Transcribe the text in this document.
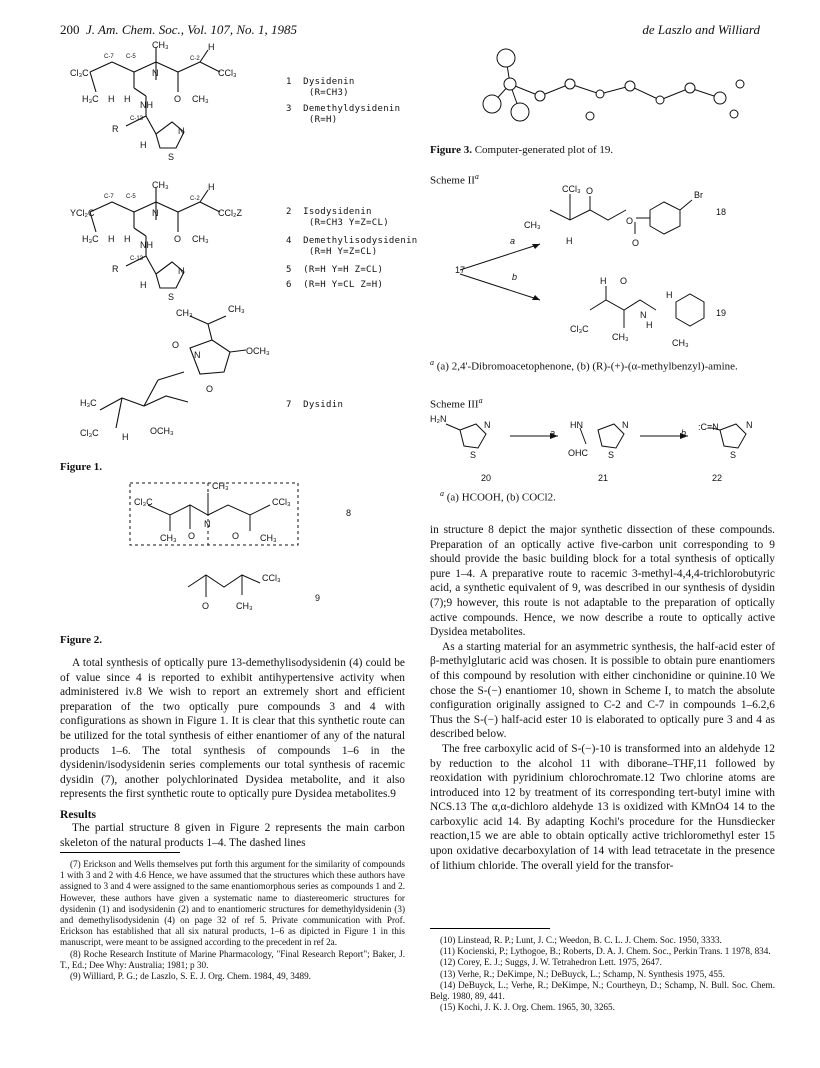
200 J. Am. Chem. Soc., Vol. 107, No. 1, 1985	de Laszlo and Williard
Cl₃C
C-7 C-5
CH₃
N
C-2
H
CCl₃
O CH₃
H₃C H H
NH
C-13
R
H
N
S
YCl₂C
C-7 C-5
CH₃
N
C-2
H
CCl₂Z
O CH₃
H₃C H H
NH
C-13
R
H
N
S
CH₃	CH₃
N	OCH₃
O
O
H₃C
Cl₃C	H
OCH₃
1 Dysidenin
(R=CH3)
3 Demethyldysidenin
(R=H)
2 Isodysidenin
(R=CH3 Y=Z=CL)
4 Demethylisodysidenin
(R=H Y=Z=CL)
5 (R=H Y=H Z=CL)
6 (R=H Y=CL Z=H)
7 Dysidin
Figure 1.
Cl₃C
CH₃
CCl₃
CH₃ O
N
O CH₃
CCl₃
O	CH₃
8
9
Figure 2.

A total synthesis of optically pure 13-demethylisodysidenin (4) could be of value since 4 is reported to exhibit antihypertensive activity when administered iv.8 We wish to report an extremely short and efficient preparation of the two optically pure compounds 3 and 4 with configurations as shown in Figure 1. It is clear that this synthetic route can be utilized for the total synthesis of either enantiomer of any of the natural products 1–6. The total synthesis of compounds 1–6 in the dysidenin/isodysidenin series complements our total synthesis of racemic dysidin (7), another polychlorinated Dysidea metabolite, and it also represents the first synthetic route to optically pure Dysidea metabolites.9

Results

The partial structure 8 given in Figure 2 represents the main carbon skeleton of the natural products 1–4. The dashed lines

(7) Erickson and Wells themselves put forth this argument for the similarity of compounds 1 with 3 and 2 with 4.6 Hence, we have assumed that the structures which these authors have assigned to 3 and 4 were assigned to the same enantiomorphous series as compounds 1 and 2. However, these authors have given a systematic name to diastereomeric structures for dysidenin (1) and isodysidenin (2) and to enantiomeric structures for demethyldysidenin (3) and demethylisodysidenin (4) on page 32 of ref 5. Private communication with Prof. Erickson has established that all six natural products, 1–6 as dipicted in Figure 1 in this manuscript, were meant to be assigned according to the precedent in ref 2a.

(8) Roche Research Institute of Marine Pharmacology, "Final Research Report"; Baker, J. T., Ed.; Dee Why: Australia; 1981; p 30.

(9) Williard, P. G.; de Laszlo, S. E. J. Org. Chem. 1984, 49, 3489.

Figure 3. Computer-generated plot of 19.
Scheme $II^a$
CCl₃ O
CH₃
H
O
O
Br
H O
Cl₃C
CH₃
N
H
H
CH₃
18
17
19
a
b
$^a$ (a) 2,4'-Dibromoacetophenone, (b) (R)-(+)-(α-methylbenzyl)-amine.
Scheme III$^a$
H₂N
N
S
HN
OHC
N
S
:C≡N	N
S
a	b
20	21	22
$^a$ (a) HCOOH, (b) COCl2.

in structure 8 depict the major synthetic dissection of these compounds. Preparation of an optically active five-carbon unit corresponding to 9 should provide the basic building block for a total synthesis of optically pure 1–4. A preparative route to racemic 3-methyl-4,4,4-trichlorobutyric acid, a synthetic equivalent of 9, was described in our synthesis of dysidin (7);9 however, this route is not adaptable to the preparation of optically active compounds. Hence, we now describe a route to optically active Dysidea metabolites.

As a starting material for an asymmetric synthesis, the half-acid ester of β-methylglutaric acid was chosen. It is possible to obtain pure enantiomers of this compound by resolution with either cinchonidine or quinine.10 We chose the S-(−) enantiomer 10, shown in Scheme I, to match the absolute configuration originally assigned to C-2 and C-7 in compounds 1–6.2,6 Thus the S-(−) half-acid ester 10 is elaborated to optically pure 3 and 4 as described below.

The free carboxylic acid of S-(−)-10 is transformed into an aldehyde 12 by reduction to the alcohol 11 with diborane–THF,11 followed by reoxidation with pyridinium chlorochromate.12 Two chlorine atoms are introduced into 12 by treatment of its corresponding tert-butyl imine with NCS.13 The α,α-dichloro aldehyde 13 is oxidized with KMnO4 14 to the carboxylic acid 14. By adapting Kochi's procedure for the Hunsdiecker reaction,15 we are able to obtain optically active trichloromethyl ester 15 upon oxidative decarboxylation of 14 with lead tetracetate in the presence of lithium chloride. The overall yield for the transfor-

(10) Linstead, R. P.; Lunt, J. C.; Weedon, B. C. L. J. Chem. Soc. 1950, 3333.

(11) Kocienski, P.; Lythogoe, B.; Roberts, D. A. J. Chem. Soc., Perkin Trans. 1 1978, 834.

(12) Corey, E. J.; Suggs, J. W. Tetrahedron Lett. 1975, 2647.

(13) Verhe, R.; DeKimpe, N.; DeBuyck, L.; Schamp, N. Synthesis 1975, 455.

(14) DeBuyck, L.; Verhe, R.; DeKimpe, N.; Courtheyn, D.; Schamp, N. Bull. Soc. Chem. Belg. 1980, 89, 441.

(15) Kochi, J. K. J. Org. Chem. 1965, 30, 3265.
